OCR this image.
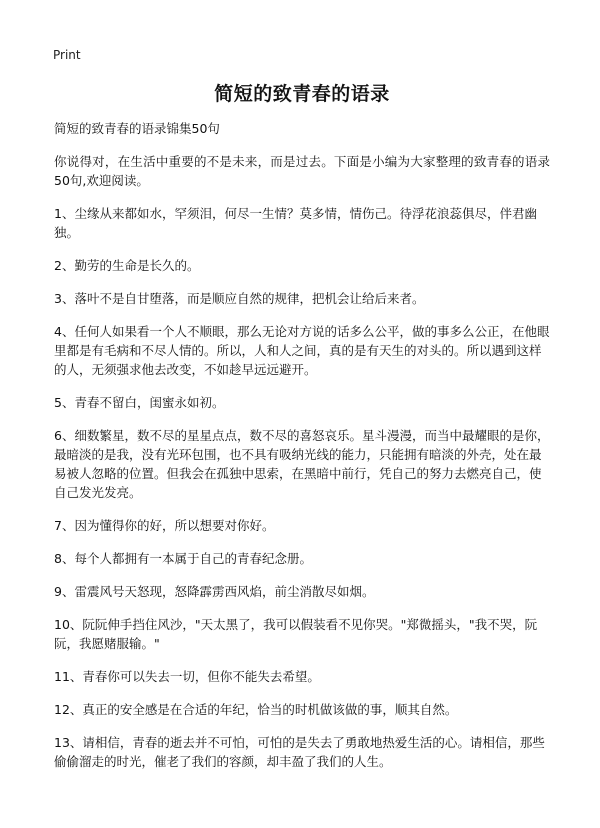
Print
简短的致青春的语录

简短的致青春的语录锦集50句

你说得对，在生活中重要的不是未来，而是过去。下面是小编为大家整理的致青春的语录50句,欢迎阅读。

1、尘缘从来都如水，罕须泪，何尽一生情？莫多情，情伤己。待浮花浪蕊俱尽，伴君幽独。
2、勤劳的生命是长久的。
3、落叶不是自甘堕落，而是顺应自然的规律，把机会让给后来者。
4、任何人如果看一个人不顺眼，那么无论对方说的话多么公平，做的事多么公正，在他眼里都是有毛病和不尽人情的。所以，人和人之间，真的是有天生的对头的。所以遇到这样的人，无须强求他去改变，不如趁早远远避开。
5、青春不留白，闺蜜永如初。
6、细数繁星，数不尽的星星点点，数不尽的喜怒哀乐。星斗漫漫，而当中最耀眼的是你，最暗淡的是我，没有光环包围，也不具有吸纳光线的能力，只能拥有暗淡的外壳，处在最易被人忽略的位置。但我会在孤独中思索，在黑暗中前行，凭自己的努力去燃亮自己，使自己发光发亮。
7、因为懂得你的好，所以想要对你好。
8、每个人都拥有一本属于自己的青春纪念册。
9、雷震风号天怒现，怒降霹雳西风焰，前尘消散尽如烟。
10、阮阮伸手挡住风沙，"天太黑了，我可以假装看不见你哭。"郑微摇头，"我不哭，阮阮，我愿赌服输。"
11、青春你可以失去一切，但你不能失去希望。
12、真正的安全感是在合适的年纪，恰当的时机做该做的事，顺其自然。
13、请相信，青春的逝去并不可怕，可怕的是失去了勇敢地热爱生活的心。请相信，那些偷偷溜走的时光，催老了我们的容颜，却丰盈了我们的人生。
